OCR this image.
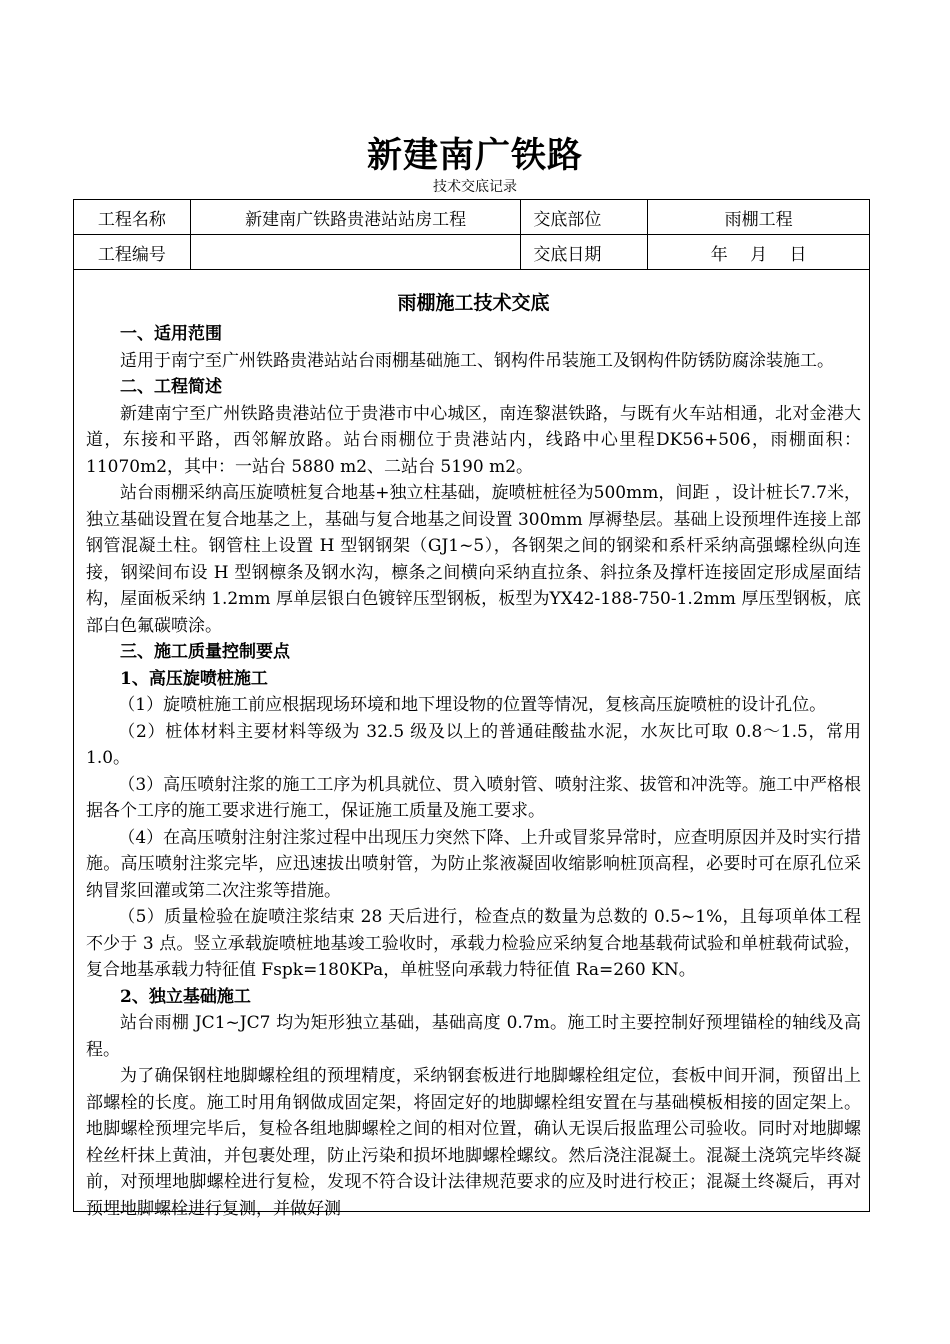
新建南广铁路
技术交底记录
工程名称	新建南广铁路贵港站站房工程	交底部位	雨棚工程
工程编号		交底日期	年　 月　 日
雨棚施工技术交底

一、适用范围

适用于南宁至广州铁路贵港站站台雨棚基础施工、钢构件吊装施工及钢构件防锈防腐涂装施工。

二、工程简述

新建南宁至广州铁路贵港站位于贵港市中心城区，南连黎湛铁路，与既有火车站相通，北对金港大道，东接和平路，西邻解放路。站台雨棚位于贵港站内，线路中心里程DK56+506，雨棚面积：11070m2，其中：一站台 5880 m2、二站台 5190 m2。

站台雨棚采纳高压旋喷桩复合地基+独立柱基础，旋喷桩桩径为500mm，间距 ，设计桩长7.7米，独立基础设置在复合地基之上，基础与复合地基之间设置 300mm 厚褥垫层。基础上设预埋件连接上部钢管混凝土柱。钢管柱上设置 H 型钢钢架（GJ1~5），各钢架之间的钢梁和系杆采纳高强螺栓纵向连接，钢梁间布设 H 型钢檩条及钢水沟，檩条之间横向采纳直拉条、斜拉条及撑杆连接固定形成屋面结构，屋面板采纳 1.2mm 厚单层银白色镀锌压型钢板，板型为YX42-188-750-1.2mm 厚压型钢板，底部白色氟碳喷涂。

三、施工质量控制要点

1、高压旋喷桩施工

（1）旋喷桩施工前应根据现场环境和地下埋设物的位置等情况，复核高压旋喷桩的设计孔位。

（2）桩体材料主要材料等级为 32.5 级及以上的普通硅酸盐水泥，水灰比可取 0.8～1.5，常用 1.0。

（3）高压喷射注浆的施工工序为机具就位、贯入喷射管、喷射注浆、拔管和冲洗等。施工中严格根据各个工序的施工要求进行施工，保证施工质量及施工要求。

（4）在高压喷射注射注浆过程中出现压力突然下降、上升或冒浆异常时，应查明原因并及时实行措施。高压喷射注浆完毕，应迅速拔出喷射管，为防止浆液凝固收缩影响桩顶高程，必要时可在原孔位采纳冒浆回灌或第二次注浆等措施。

（5）质量检验在旋喷注浆结束 28 天后进行，检查点的数量为总数的 0.5~1%，且每项单体工程不少于 3 点。竖立承载旋喷桩地基竣工验收时，承载力检验应采纳复合地基载荷试验和单桩载荷试验，复合地基承载力特征值 Fspk=180KPa，单桩竖向承载力特征值 Ra=260 KN。

2、独立基础施工

站台雨棚 JC1~JC7 均为矩形独立基础，基础高度 0.7m。施工时主要控制好预埋锚栓的轴线及高程。

为了确保钢柱地脚螺栓组的预埋精度，采纳钢套板进行地脚螺栓组定位，套板中间开洞，预留出上部螺栓的长度。施工时用角钢做成固定架，将固定好的地脚螺栓组安置在与基础模板相接的固定架上。地脚螺栓预埋完毕后，复检各组地脚螺栓之间的相对位置，确认无误后报监理公司验收。同时对地脚螺栓丝杆抹上黄油，并包裹处理，防止污染和损坏地脚螺栓螺纹。然后浇注混凝土。混凝土浇筑完毕终凝前，对预埋地脚螺栓进行复检，发现不符合设计法律规范要求的应及时进行校正；混凝土终凝后，再对预埋地脚螺栓进行复测，并做好测
